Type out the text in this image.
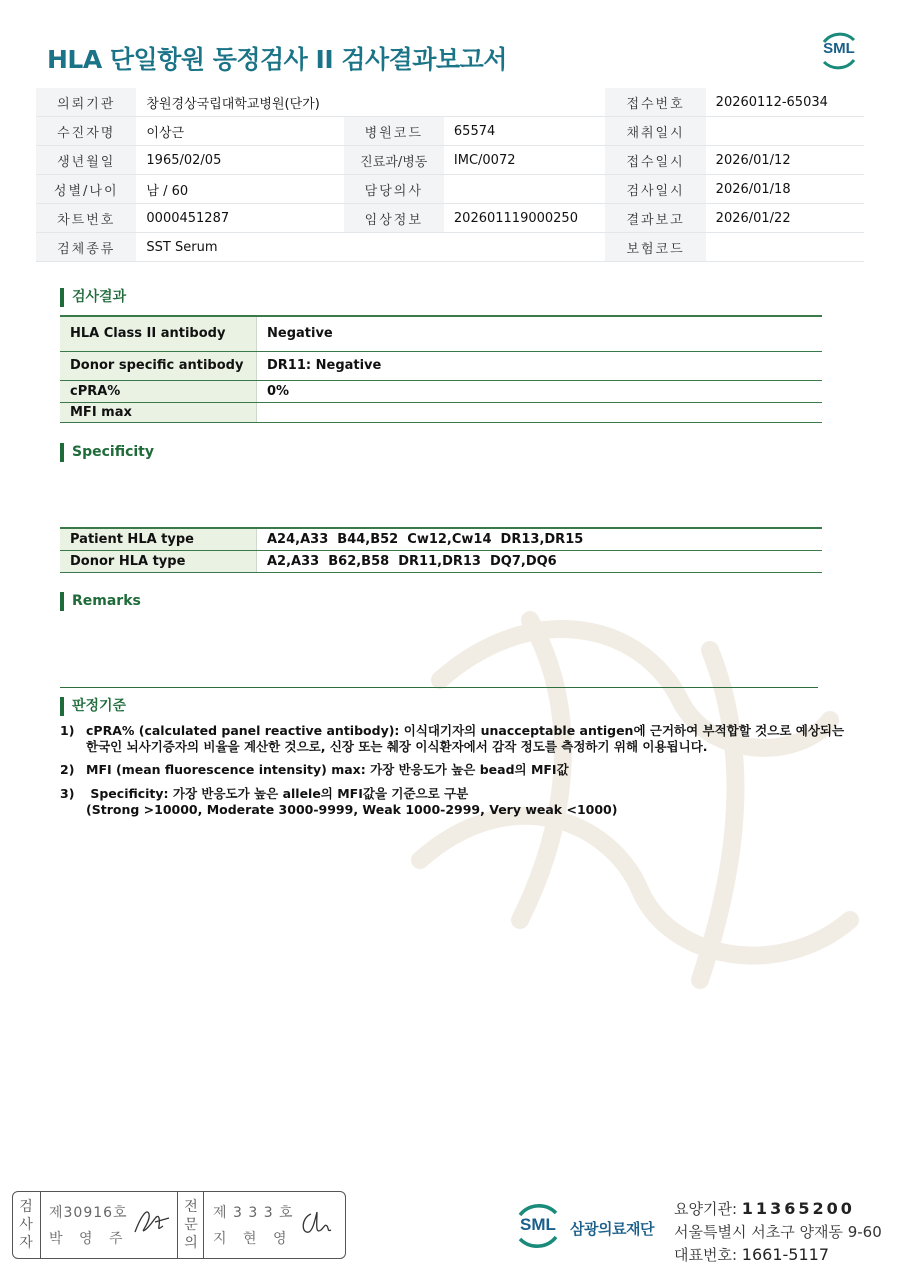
HLA 단일항원 동정검사 II 검사결과보고서	SML
의뢰기관	창원경상국립대학교병원(단가)			접수번호	20260112-65034
수진자명	이상근	병원코드	65574	채취일시	
생년월일	1965/02/05	진료과/병동	IMC/0072	접수일시	2026/01/12
성별/나이	남 / 60	담당의사		검사일시	2026/01/18
차트번호	0000451287	임상정보	202601119000250	결과보고	2026/01/22
검체종류	SST Serum			보험코드	
검사결과
HLA Class II antibody	Negative
Donor specific antibody	DR11: Negative
cPRA%	0%
MFI max	
Specificity
Patient HLA type	A24,A33  B44,B52  Cw12,Cw14  DR13,DR15
Donor HLA type	A2,A33  B62,B58  DR11,DR13  DQ7,DQ6
Remarks
판정기준
1) cPRA% (calculated panel reactive antibody): 이식대기자의 unacceptable antigen에 근거하여 부적합할 것으로 예상되는
한국인 뇌사기증자의 비율을 계산한 것으로, 신장 또는 췌장 이식환자에서 감작 정도를 측정하기 위해 이용됩니다.
2) MFI (mean fluorescence intensity) max: 가장 반응도가 높은 bead의 MFI값
3) Specificity: 가장 반응도가 높은 allele의 MFI값을 기준으로 구분
(Strong >10000, Moderate 3000-9999, Weak 1000-2999, Very weak <1000)
검
사
자
제30916호
박 영 주
전
문
의
제 3 3 3 호
지 현 영
SML 삼광의료재단
요양기관: 11365200
서울특별시 서초구 양재동 9-60
대표번호: 1661-5117
